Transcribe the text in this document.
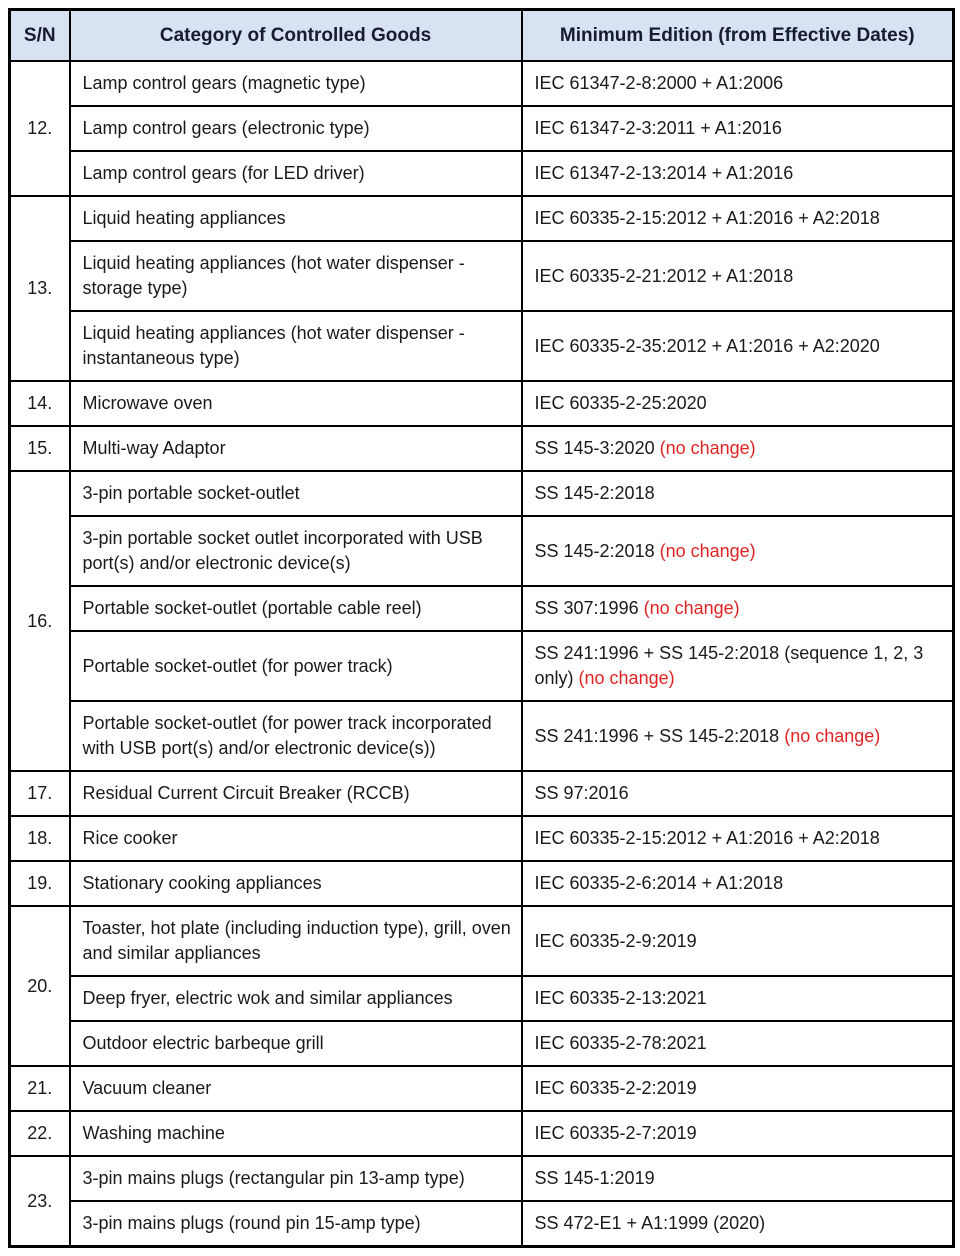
S/N	Category of Controlled Goods	Minimum Edition (from Effective Dates)
12.	Lamp control gears (magnetic type)	IEC 61347-2-8:2000 + A1:2006
	Lamp control gears (electronic type)	IEC 61347-2-3:2011 + A1:2016
	Lamp control gears (for LED driver)	IEC 61347-2-13:2014 + A1:2016
13.	Liquid heating appliances	IEC 60335-2-15:2012 + A1:2016 + A2:2018
	Liquid heating appliances (hot water dispenser - storage type)	IEC 60335-2-21:2012 + A1:2018
	Liquid heating appliances (hot water dispenser - instantaneous type)	IEC 60335-2-35:2012 + A1:2016 + A2:2020
14.	Microwave oven	IEC 60335-2-25:2020
15.	Multi-way Adaptor	SS 145-3:2020 (no change)
16.	3-pin portable socket-outlet	SS 145-2:2018
	3-pin portable socket outlet incorporated with USB port(s) and/or electronic device(s)	SS 145-2:2018 (no change)
	Portable socket-outlet (portable cable reel)	SS 307:1996 (no change)
	Portable socket-outlet (for power track)	SS 241:1996 + SS 145-2:2018 (sequence 1, 2, 3 only) (no change)
	Portable socket-outlet (for power track incorporated with USB port(s) and/or electronic device(s))	SS 241:1996 + SS 145-2:2018 (no change)
17.	Residual Current Circuit Breaker (RCCB)	SS 97:2016
18.	Rice cooker	IEC 60335-2-15:2012 + A1:2016 + A2:2018
19.	Stationary cooking appliances	IEC 60335-2-6:2014 + A1:2018
20.	Toaster, hot plate (including induction type), grill, oven and similar appliances	IEC 60335-2-9:2019
	Deep fryer, electric wok and similar appliances	IEC 60335-2-13:2021
	Outdoor electric barbeque grill	IEC 60335-2-78:2021
21.	Vacuum cleaner	IEC 60335-2-2:2019
22.	Washing machine	IEC 60335-2-7:2019
23.	3-pin mains plugs (rectangular pin 13-amp type)	SS 145-1:2019
	3-pin mains plugs (round pin 15-amp type)	SS 472-E1 + A1:1999 (2020)
